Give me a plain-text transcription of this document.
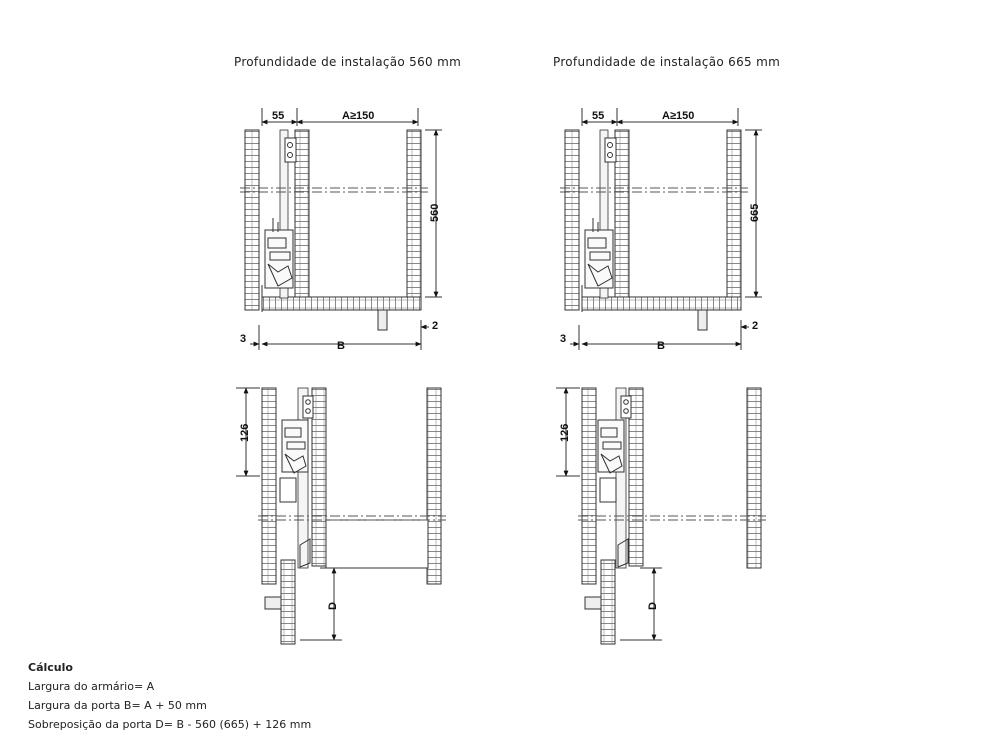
Profundidade de instalação 560 mm	Profundidade de instalação 665 mm
55	A≥150
560
3
B
2
55	A≥150
665
3
B
2
126
D
126
D
Cálculo
Largura do armário= A
Largura da porta B= A + 50 mm
Sobreposição da porta D= B - 560 (665) + 126 mm
